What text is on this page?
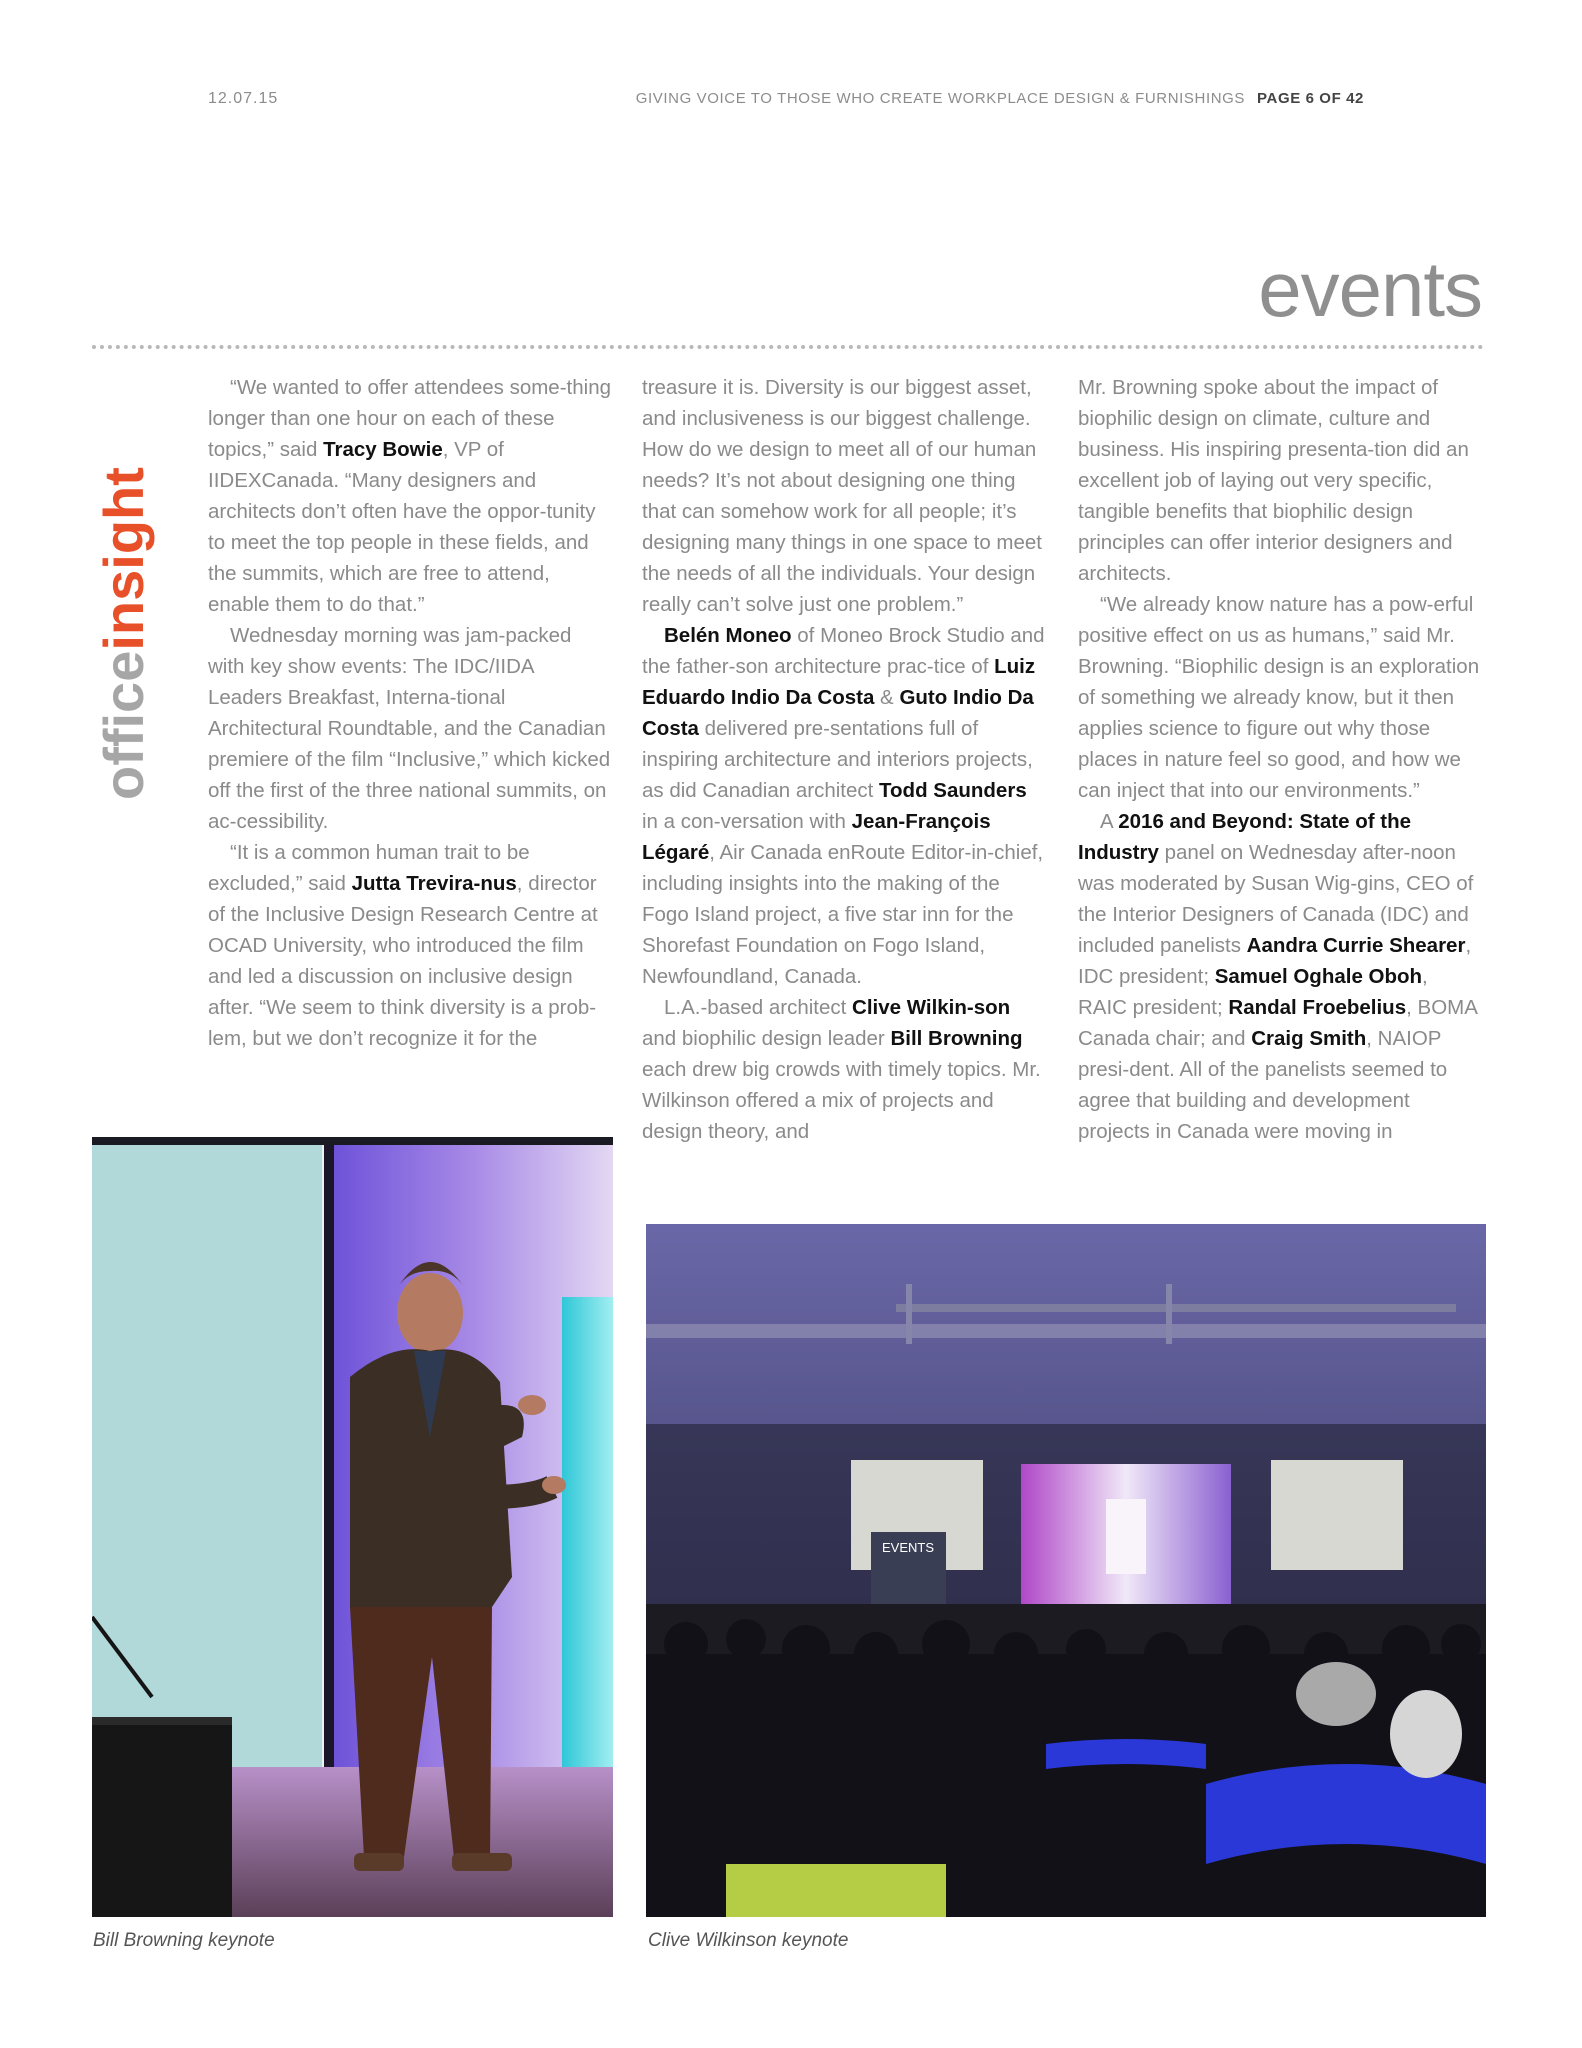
12.07.15	GIVING VOICE TO THOSE WHO CREATE WORKPLACE DESIGN & FURNISHINGS PAGE 6 OF 42
events
officeinsight

“We wanted to offer attendees some-thing longer than one hour on each of these topics,” said Tracy Bowie, VP of IIDEXCanada. “Many designers and architects don’t often have the oppor-tunity to meet the top people in these fields, and the summits, which are free to attend, enable them to do that.”

Wednesday morning was jam-packed with key show events: The IDC/IIDA Leaders Breakfast, Interna-tional Architectural Roundtable, and the Canadian premiere of the film “Inclusive,” which kicked off the first of the three national summits, on ac-cessibility.

“It is a common human trait to be excluded,” said Jutta Trevira-nus, director of the Inclusive Design Research Centre at OCAD University, who introduced the film and led a discussion on inclusive design after. “We seem to think diversity is a prob-lem, but we don’t recognize it for the

treasure it is. Diversity is our biggest asset, and inclusiveness is our biggest challenge. How do we design to meet all of our human needs? It’s not about designing one thing that can somehow work for all people; it’s designing many things in one space to meet the needs of all the individuals. Your design really can’t solve just one problem.”

Belén Moneo of Moneo Brock Studio and the father-son architecture prac-tice of Luiz Eduardo Indio Da Costa & Guto Indio Da Costa delivered pre-sentations full of inspiring architecture and interiors projects, as did Canadian architect Todd Saunders in a con-versation with Jean-François Légaré, Air Canada enRoute Editor-in-chief, including insights into the making of the Fogo Island project, a five star inn for the Shorefast Foundation on Fogo Island, Newfoundland, Canada.

L.A.-based architect Clive Wilkin-son and biophilic design leader Bill Browning each drew big crowds with timely topics. Mr. Wilkinson offered a mix of projects and design theory, and

Mr. Browning spoke about the impact of biophilic design on climate, culture and business. His inspiring presenta-tion did an excellent job of laying out very specific, tangible benefits that biophilic design principles can offer interior designers and architects.

“We already know nature has a pow-erful positive effect on us as humans,” said Mr. Browning. “Biophilic design is an exploration of something we already know, but it then applies science to figure out why those places in nature feel so good, and how we can inject that into our environments.”

A 2016 and Beyond: State of the Industry panel on Wednesday after-noon was moderated by Susan Wig-gins, CEO of the Interior Designers of Canada (IDC) and included panelists Aandra Currie Shearer, IDC president; Samuel Oghale Oboh, RAIC president; Randal Froebelius, BOMA Canada chair; and Craig Smith, NAIOP presi-dent. All of the panelists seemed to agree that building and development projects in Canada were moving in

EVENTS
Bill Browning keynote	Clive Wilkinson keynote
